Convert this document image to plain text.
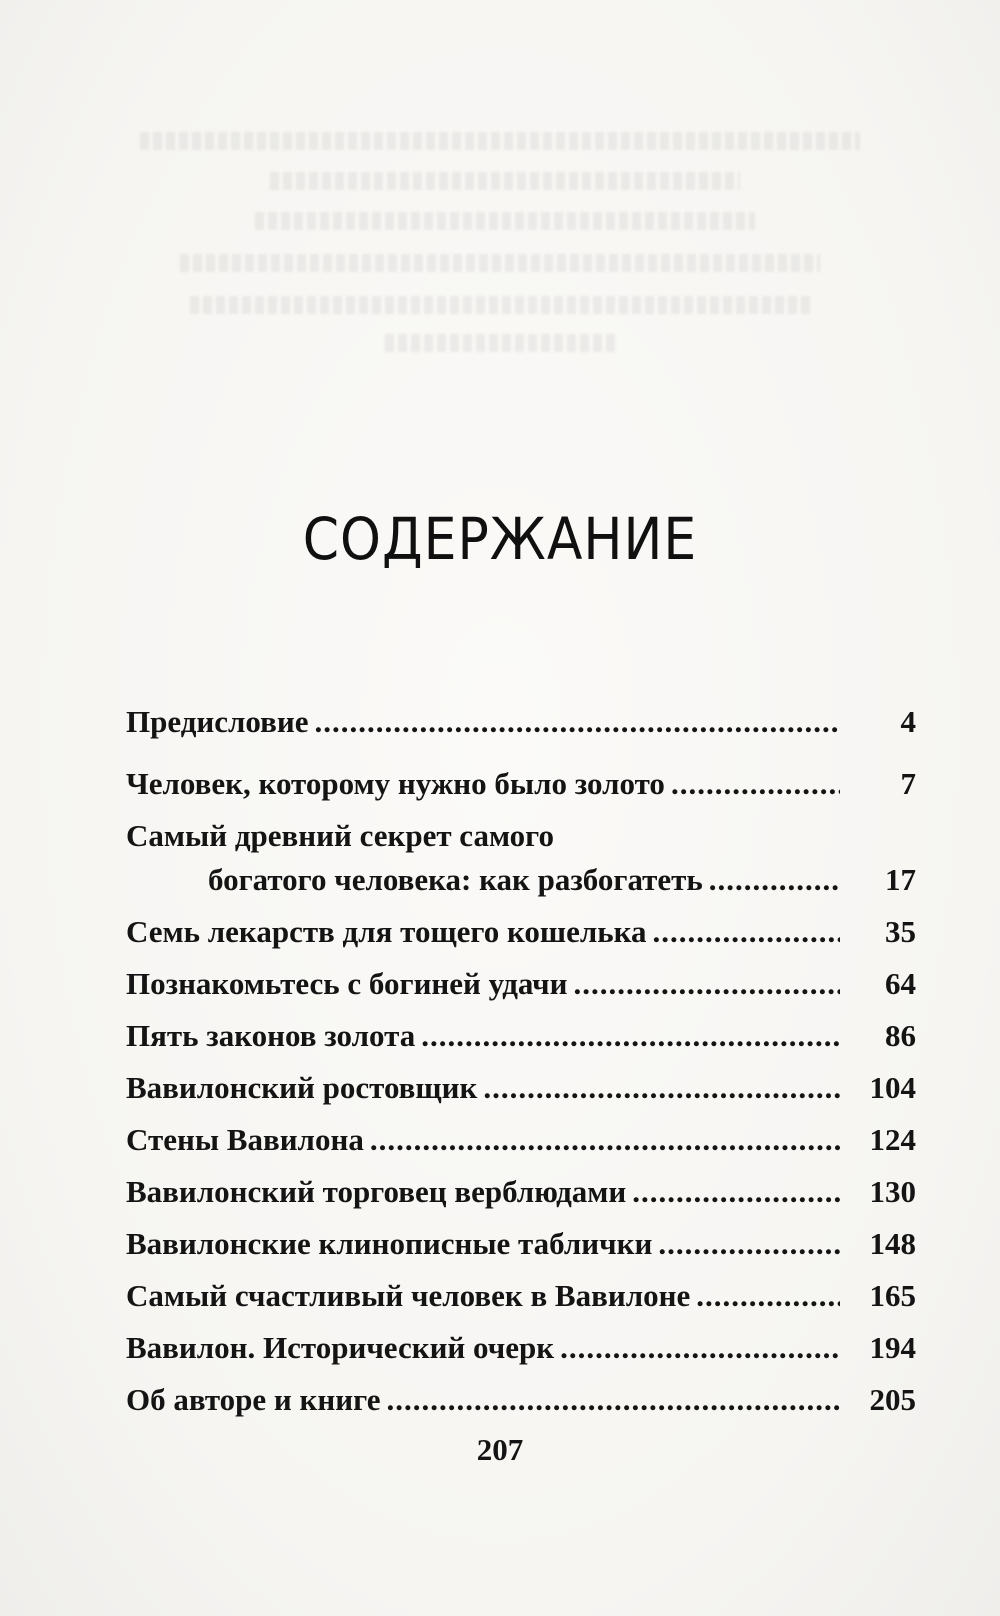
СОДЕРЖАНИЕ
Предисловие .....	4
Человек, которому нужно было золото .....	7
Самый древний секрет самого
богатого человека: как разбогатеть .....	17
Семь лекарств для тощего кошелька .....	35
Познакомьтесь с богиней удачи .....	64
Пять законов золота .....	86
Вавилонский ростовщик .....	104
Стены Вавилона .....	124
Вавилонский торговец верблюдами .....	130
Вавилонские клинописные таблички .....	148
Самый счастливый человек в Вавилоне .....	165
Вавилон. Исторический очерк .....	194
Об авторе и книге .....	205

207
